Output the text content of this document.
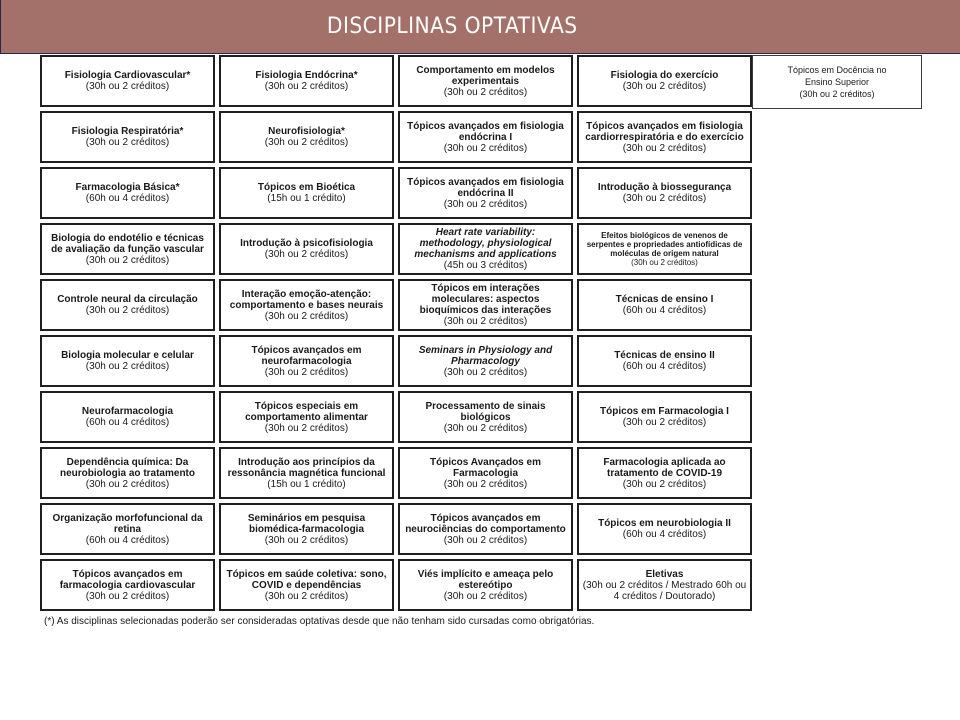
DISCIPLINAS OPTATIVAS
Fisiologia Cardiovascular*
(30h ou 2 créditos)
Fisiologia Endócrina*
(30h ou 2 créditos)
Comportamento em modelos experimentais
(30h ou 2 créditos)
Fisiologia do exercício
(30h ou 2 créditos)
Fisiologia Respiratória*
(30h ou 2 créditos)
Neurofisiologia*
(30h ou 2 créditos)
Tópicos avançados em fisiologia endócrina I
(30h ou 2 créditos)
Tópicos avançados em fisiologia cardiorrespiratória e do exercício
(30h ou 2 créditos)
Farmacologia Básica*
(60h ou 4 créditos)
Tópicos em Bioética
(15h ou 1 crédito)
Tópicos avançados em fisiologia endócrina II
(30h ou 2 créditos)
Introdução à biossegurança
(30h ou 2 créditos)
Biologia do endotélio e técnicas de avaliação da função vascular
(30h ou 2 créditos)
Introdução à psicofisiologia
(30h ou 2 créditos)
Heart rate variability: methodology, physiological mechanisms and applications
(45h ou 3 créditos)
Efeitos biológicos de venenos de serpentes e propriedades antiofídicas de moléculas de origem natural
(30h ou 2 créditos)
Controle neural da circulação
(30h ou 2 créditos)
Interação emoção-atenção: comportamento e bases neurais
(30h ou 2 créditos)
Tópicos em interações moleculares: aspectos bioquímicos das interações
(30h ou 2 créditos)
Técnicas de ensino I
(60h ou 4 créditos)
Biologia molecular e celular
(30h ou 2 créditos)
Tópicos avançados em neurofarmacologia
(30h ou 2 créditos)
Seminars in Physiology and Pharmacology
(30h ou 2 créditos)
Técnicas de ensino II
(60h ou 4 créditos)
Neurofarmacologia
(60h ou 4 créditos)
Tópicos especiais em comportamento alimentar
(30h ou 2 créditos)
Processamento de sinais biológicos
(30h ou 2 créditos)
Tópicos em Farmacologia I
(30h ou 2 créditos)
Dependência química: Da neurobiologia ao tratamento
(30h ou 2 créditos)
Introdução aos princípios da ressonância magnética funcional
(15h ou 1 crédito)
Tópicos Avançados em Farmacologia
(30h ou 2 créditos)
Farmacologia aplicada ao tratamento de COVID-19
(30h ou 2 créditos)
Organização morfofuncional da retina
(60h ou 4 créditos)
Seminários em pesquisa biomédica-farmacologia
(30h ou 2 créditos)
Tópicos avançados em neurociências do comportamento
(30h ou 2 créditos)
Tópicos em neurobiologia II
(60h ou 4 créditos)
Tópicos avançados em farmacologia cardiovascular
(30h ou 2 créditos)
Tópicos em saúde coletiva: sono, COVID e dependências
(30h ou 2 créditos)
Viés implícito e ameaça pelo estereótipo
(30h ou 2 créditos)
Eletivas
(30h ou 2 créditos / Mestrado 60h ou 4 créditos / Doutorado)
Tópicos em Docência no
Ensino Superior
(30h ou 2 créditos)
(*) As disciplinas selecionadas poderão ser consideradas optativas desde que não tenham sido cursadas como obrigatórias.
